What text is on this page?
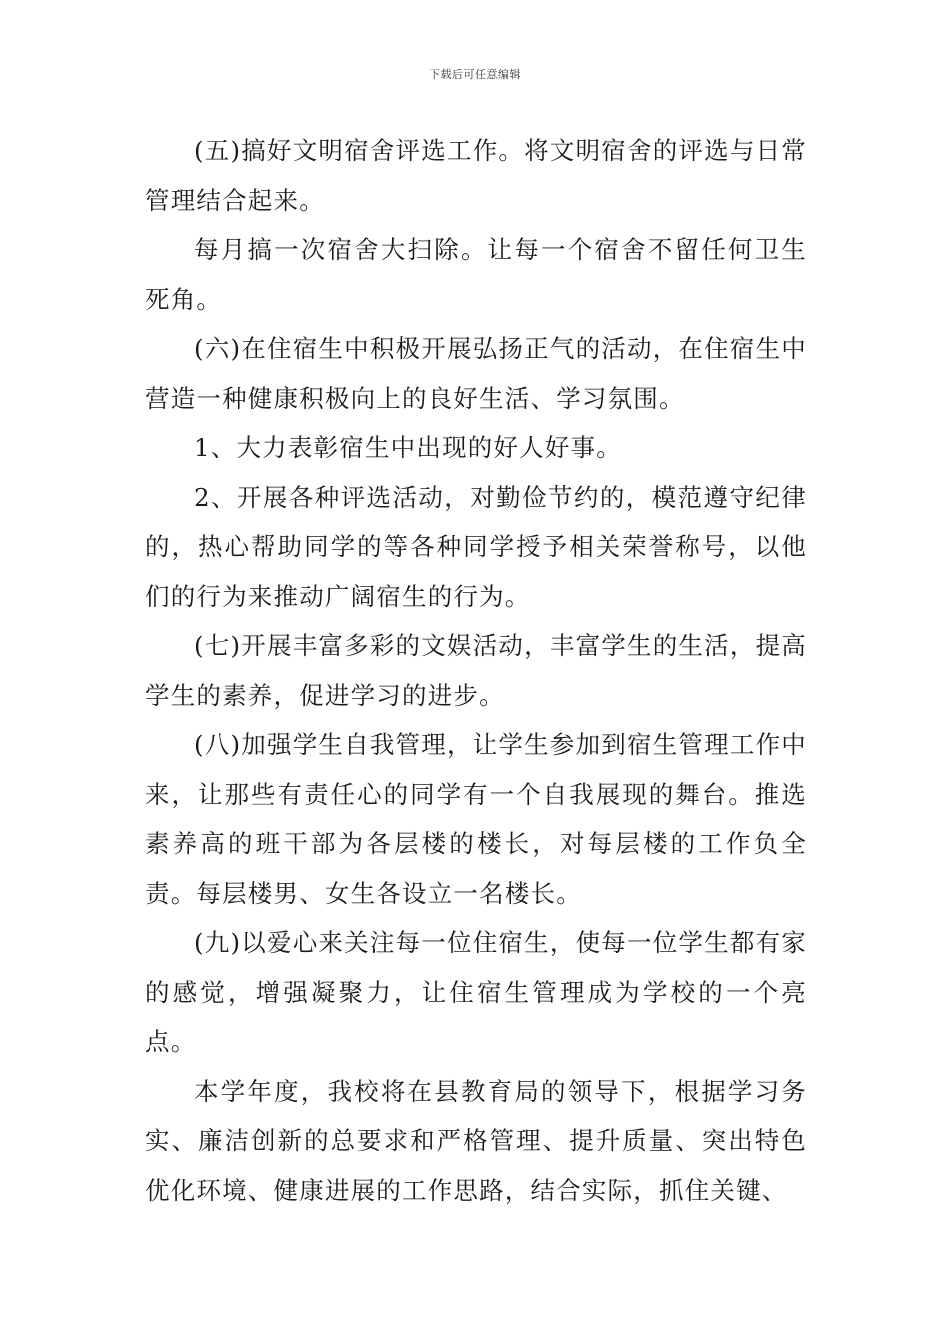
下载后可任意编辑

(五)搞好文明宿舍评选工作。将文明宿舍的评选与日常管理结合起来。

每月搞一次宿舍大扫除。让每一个宿舍不留任何卫生死角。

(六)在住宿生中积极开展弘扬正气的活动，在住宿生中营造一种健康积极向上的良好生活、学习氛围。

1、大力表彰宿生中出现的好人好事。

2、开展各种评选活动，对勤俭节约的，模范遵守纪律的，热心帮助同学的等各种同学授予相关荣誉称号，以他们的行为来推动广阔宿生的行为。

(七)开展丰富多彩的文娱活动，丰富学生的生活，提高学生的素养，促进学习的进步。

(八)加强学生自我管理，让学生参加到宿生管理工作中来，让那些有责任心的同学有一个自我展现的舞台。推选素养高的班干部为各层楼的楼长，对每层楼的工作负全责。每层楼男、女生各设立一名楼长。

(九)以爱心来关注每一位住宿生，使每一位学生都有家的感觉，增强凝聚力，让住宿生管理成为学校的一个亮点。

本学年度，我校将在县教育局的领导下，根据学习务实、廉洁创新的总要求和严格管理、提升质量、突出特色优化环境、健康进展的工作思路，结合实际，抓住关键、
